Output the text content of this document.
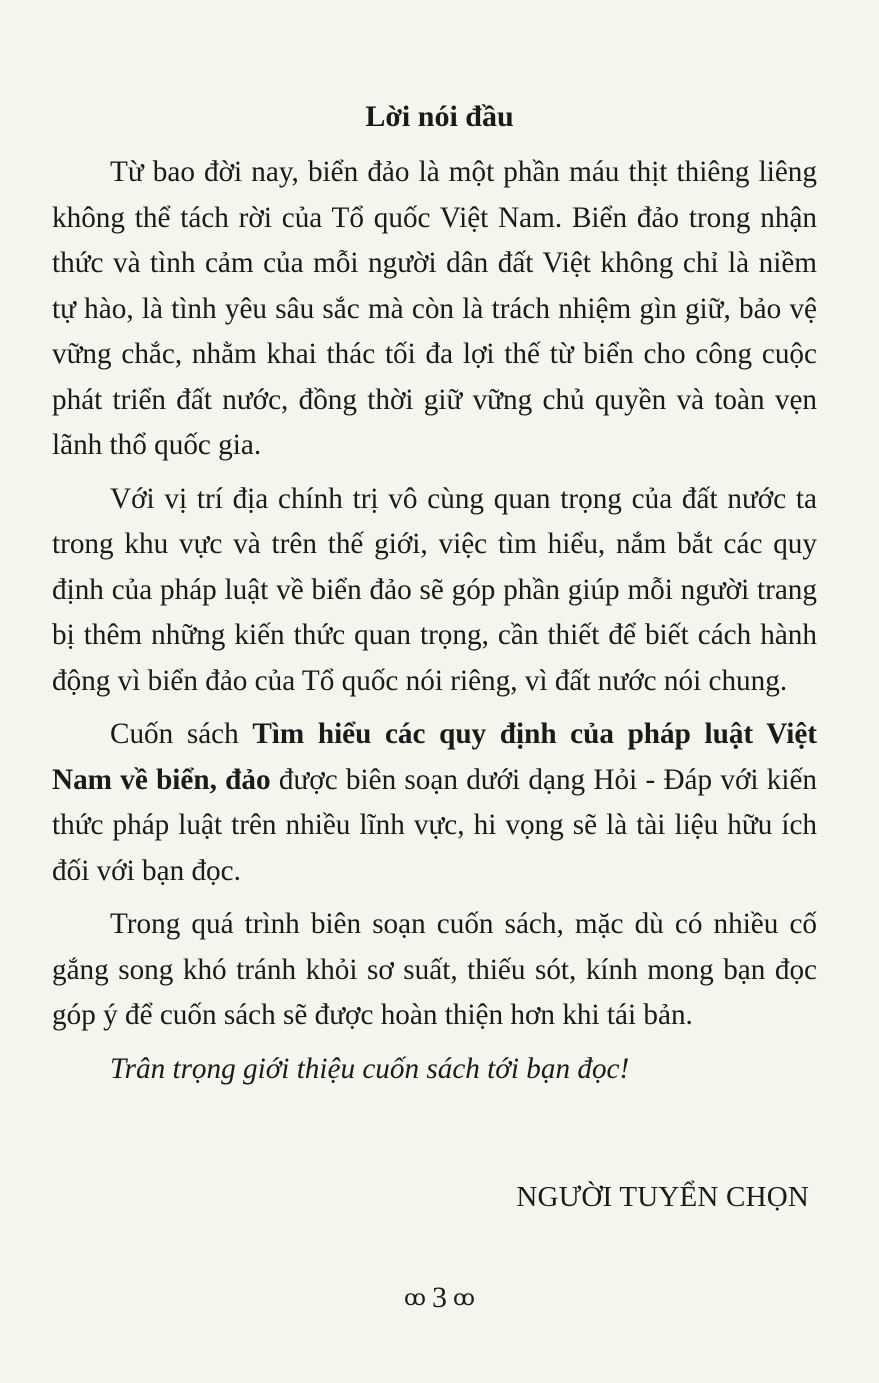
Lời nói đầu

Từ bao đời nay, biển đảo là một phần máu thịt thiêng liêng không thể tách rời của Tổ quốc Việt Nam. Biển đảo trong nhận thức và tình cảm của mỗi người dân đất Việt không chỉ là niềm tự hào, là tình yêu sâu sắc mà còn là trách nhiệm gìn giữ, bảo vệ vững chắc, nhằm khai thác tối đa lợi thế từ biển cho công cuộc phát triển đất nước, đồng thời giữ vững chủ quyền và toàn vẹn lãnh thổ quốc gia.

Với vị trí địa chính trị vô cùng quan trọng của đất nước ta trong khu vực và trên thế giới, việc tìm hiểu, nắm bắt các quy định của pháp luật về biển đảo sẽ góp phần giúp mỗi người trang bị thêm những kiến thức quan trọng, cần thiết để biết cách hành động vì biển đảo của Tổ quốc nói riêng, vì đất nước nói chung.

Cuốn sách Tìm hiểu các quy định của pháp luật Việt Nam về biển, đảo được biên soạn dưới dạng Hỏi - Đáp với kiến thức pháp luật trên nhiều lĩnh vực, hi vọng sẽ là tài liệu hữu ích đối với bạn đọc.

Trong quá trình biên soạn cuốn sách, mặc dù có nhiều cố gắng song khó tránh khỏi sơ suất, thiếu sót, kính mong bạn đọc góp ý để cuốn sách sẽ được hoàn thiện hơn khi tái bản.

Trân trọng giới thiệu cuốn sách tới bạn đọc!

NGƯỜI TUYỂN CHỌN
ꝏ 3 ꝏ
